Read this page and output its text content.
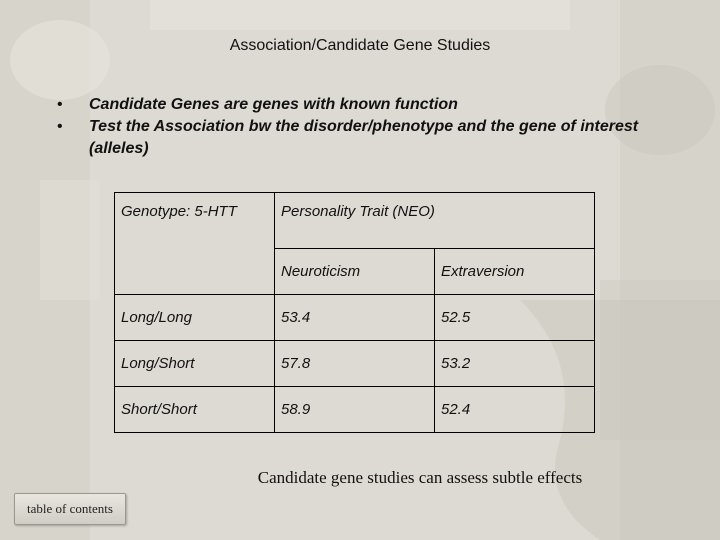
Association/Candidate Gene Studies
• Candidate Genes are genes with known function
• Test the Association bw the disorder/phenotype and the gene of interest (alleles)
Genotype: 5-HTT	Personality Trait (NEO)	
	Neuroticism	Extraversion
Long/Long	53.4	52.5
Long/Short	57.8	53.2
Short/Short	58.9	52.4
Candidate gene studies can assess subtle effects
table of contents
